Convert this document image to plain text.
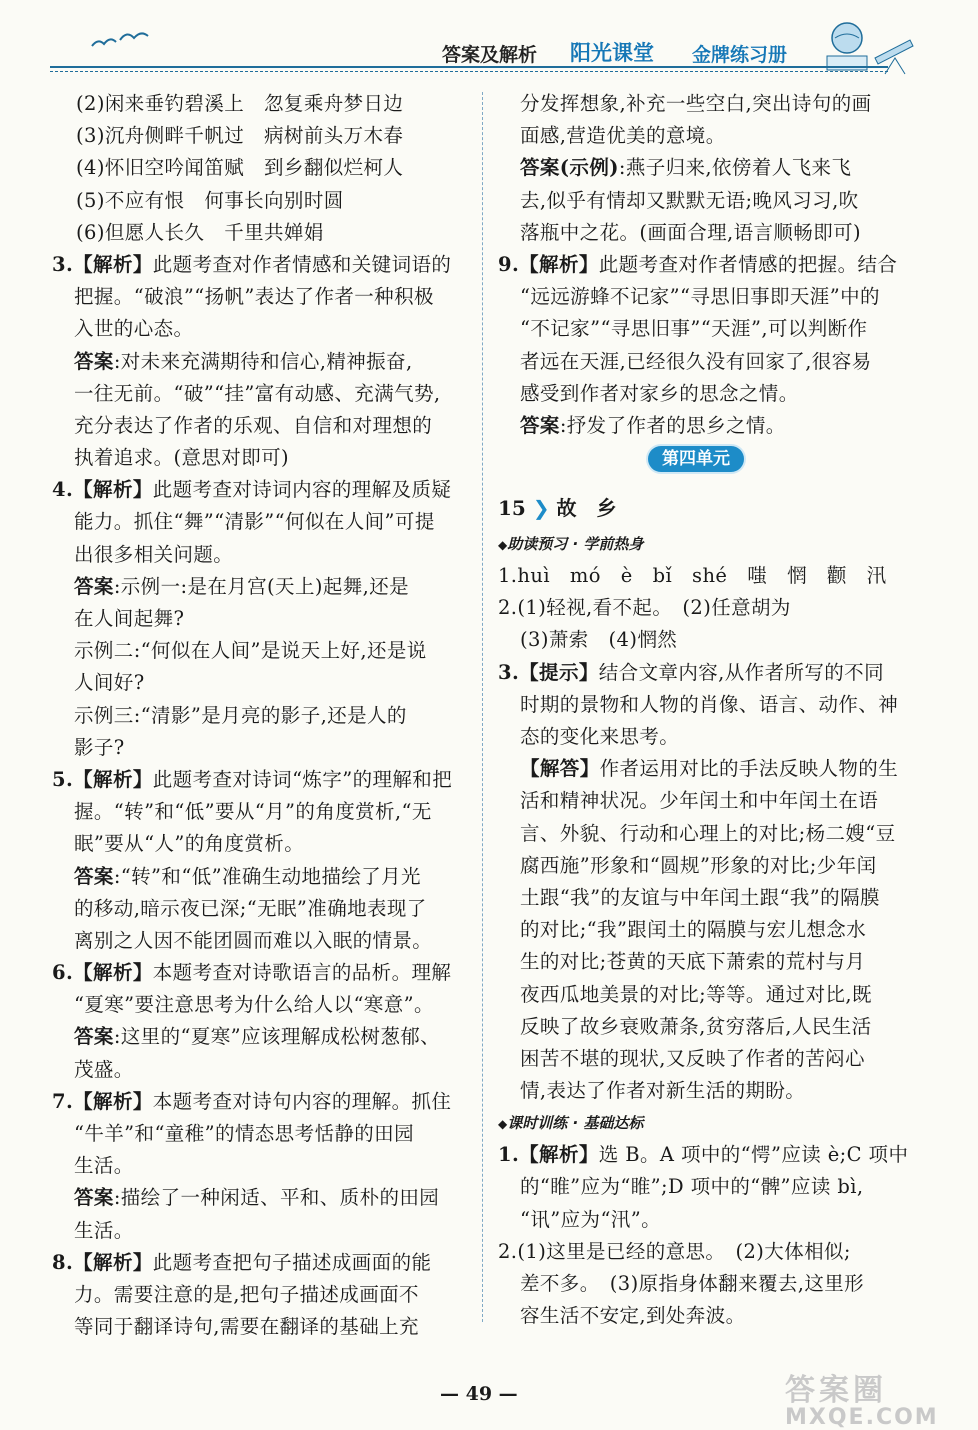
答案及解析 阳光课堂 金牌练习册
(2)闲来垂钓碧溪上　忽复乘舟梦日边
(3)沉舟侧畔千帆过　病树前头万木春
(4)怀旧空吟闻笛赋　到乡翻似烂柯人
(5)不应有恨　何事长向别时圆
(6)但愿人长久　千里共婵娟
3.【解析】此题考查对作者情感和关键词语的
把握。“破浪”“扬帆”表达了作者一种积极
入世的心态。
答案:对未来充满期待和信心,精神振奋,
一往无前。“破”“挂”富有动感、充满气势,
充分表达了作者的乐观、自信和对理想的
执着追求。(意思对即可)
4.【解析】此题考查对诗词内容的理解及质疑
能力。抓住“舞”“清影”“何似在人间”可提
出很多相关问题。
答案:示例一:是在月宫(天上)起舞,还是
在人间起舞?
示例二:“何似在人间”是说天上好,还是说
人间好?
示例三:“清影”是月亮的影子,还是人的
影子?
5.【解析】此题考查对诗词“炼字”的理解和把
握。“转”和“低”要从“月”的角度赏析,“无
眠”要从“人”的角度赏析。
答案:“转”和“低”准确生动地描绘了月光
的移动,暗示夜已深;“无眠”准确地表现了
离别之人因不能团圆而难以入眠的情景。
6.【解析】本题考查对诗歌语言的品析。理解
“夏寒”要注意思考为什么给人以“寒意”。
答案:这里的“夏寒”应该理解成松树葱郁、
茂盛。
7.【解析】本题考查对诗句内容的理解。抓住
“牛羊”和“童稚”的情态思考恬静的田园
生活。
答案:描绘了一种闲适、平和、质朴的田园
生活。
8.【解析】此题考查把句子描述成画面的能
力。需要注意的是,把句子描述成画面不
等同于翻译诗句,需要在翻译的基础上充
分发挥想象,补充一些空白,突出诗句的画
面感,营造优美的意境。
答案(示例):燕子归来,依傍着人飞来飞
去,似乎有情却又默默无语;晚风习习,吹
落瓶中之花。(画面合理,语言顺畅即可)
9.【解析】此题考查对作者情感的把握。结合
“远远游蜂不记家”“寻思旧事即天涯”中的
“不记家”“寻思旧事”“天涯”,可以判断作
者远在天涯,已经很久没有回家了,很容易
感受到作者对家乡的思念之情。
答案:抒发了作者的思乡之情。
第四单元
15 ❯ 故　乡
◆助读预习 · 学前热身
1.huì　mó　è　bǐ　shé　嗤　惘　颧　汛
2.(1)轻视,看不起。　(2)任意胡为
(3)萧索　(4)惘然
3.【提示】结合文章内容,从作者所写的不同
时期的景物和人物的肖像、语言、动作、神
态的变化来思考。
【解答】作者运用对比的手法反映人物的生
活和精神状况。少年闰土和中年闰土在语
言、外貌、行动和心理上的对比;杨二嫂“豆
腐西施”形象和“圆规”形象的对比;少年闰
土跟“我”的友谊与中年闰土跟“我”的隔膜
的对比;“我”跟闰土的隔膜与宏儿想念水
生的对比;苍黄的天底下萧索的荒村与月
夜西瓜地美景的对比;等等。通过对比,既
反映了故乡衰败萧条,贫穷落后,人民生活
困苦不堪的现状,又反映了作者的苦闷心
情,表达了作者对新生活的期盼。
◆课时训练 · 基础达标
1.【解析】选 B。A 项中的“愕”应读 è;C 项中
的“睢”应为“睢”;D 项中的“髀”应读 bì,
“讯”应为“汛”。
2.(1)这里是已经的意思。　(2)大体相似;
差不多。　(3)原指身体翻来覆去,这里形
容生活不安定,到处奔波。
— 49 —	答案圈
MXQE.COM
